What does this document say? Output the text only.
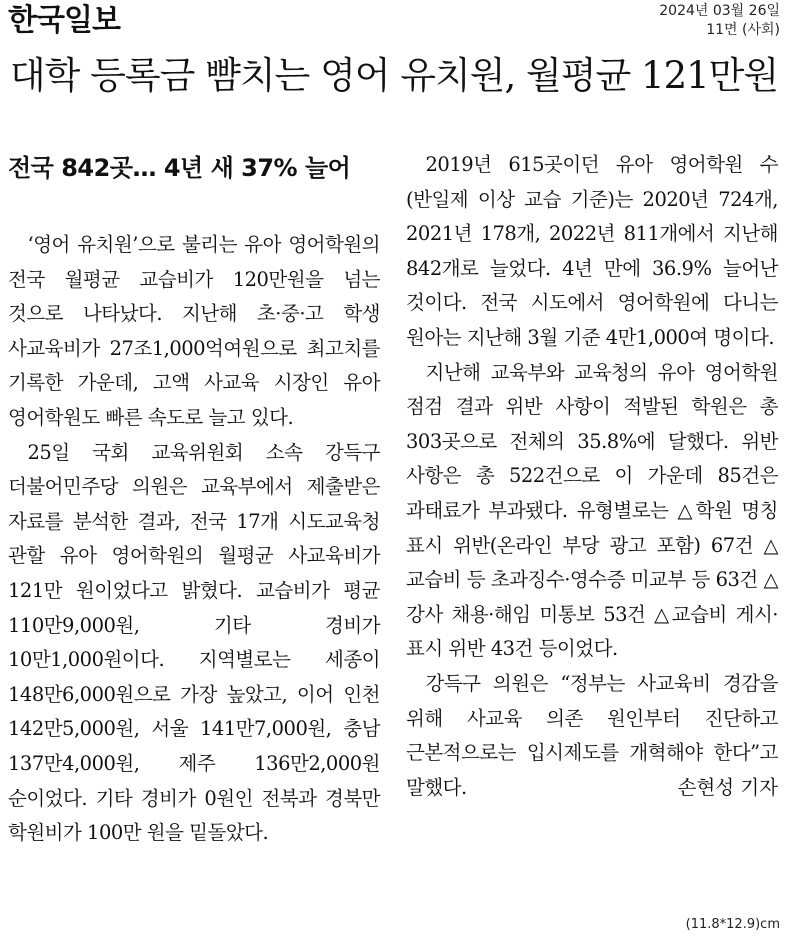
한국일보	2024년 03월 26일
11면 (사회)
대학 등록금 뺨치는 영어 유치원, 월평균 121만원
전국 842곳… 4년 새 37% 늘어

‘영어 유치원’으로 불리는 유아 영어학원의 전국 월평균 교습비가 120만원을 넘는 것으로 나타났다. 지난해 초·중·고 학생 사교육비가 27조1,000억여원으로 최고치를 기록한 가운데, 고액 사교육 시장인 유아 영어학원도 빠른 속도로 늘고 있다.

25일 국회 교육위원회 소속 강득구 더불어민주당 의원은 교육부에서 제출받은 자료를 분석한 결과, 전국 17개 시도교육청 관할 유아 영어학원의 월평균 사교육비가 121만 원이었다고 밝혔다. 교습비가 평균 110만9,000원, 기타 경비가 10만1,000원이다. 지역별로는 세종이 148만6,000원으로 가장 높았고, 이어 인천 142만5,000원, 서울 141만7,000원, 충남 137만4,000원, 제주 136만2,000원 순이었다. 기타 경비가 0원인 전북과 경북만 학원비가 100만 원을 밑돌았다.

2019년 615곳이던 유아 영어학원 수(반일제 이상 교습 기준)는 2020년 724개, 2021년 178개, 2022년 811개에서 지난해 842개로 늘었다. 4년 만에 36.9% 늘어난 것이다. 전국 시도에서 영어학원에 다니는 원아는 지난해 3월 기준 4만1,000여 명이다.

지난해 교육부와 교육청의 유아 영어학원 점검 결과 위반 사항이 적발된 학원은 총 303곳으로 전체의 35.8%에 달했다. 위반 사항은 총 522건으로 이 가운데 85건은 과태료가 부과됐다. 유형별로는 △학원 명칭 표시 위반(온라인 부당 광고 포함) 67건 △교습비 등 초과징수·영수증 미교부 등 63건 △강사 채용·해임 미통보 53건 △교습비 게시·표시 위반 43건 등이었다.

강득구 의원은 “정부는 사교육비 경감을 위해 사교육 의존 원인부터 진단하고 근본적으로는 입시제도를 개혁해야 한다”고 말했다.	손현성 기자
(11.8*12.9)cm
